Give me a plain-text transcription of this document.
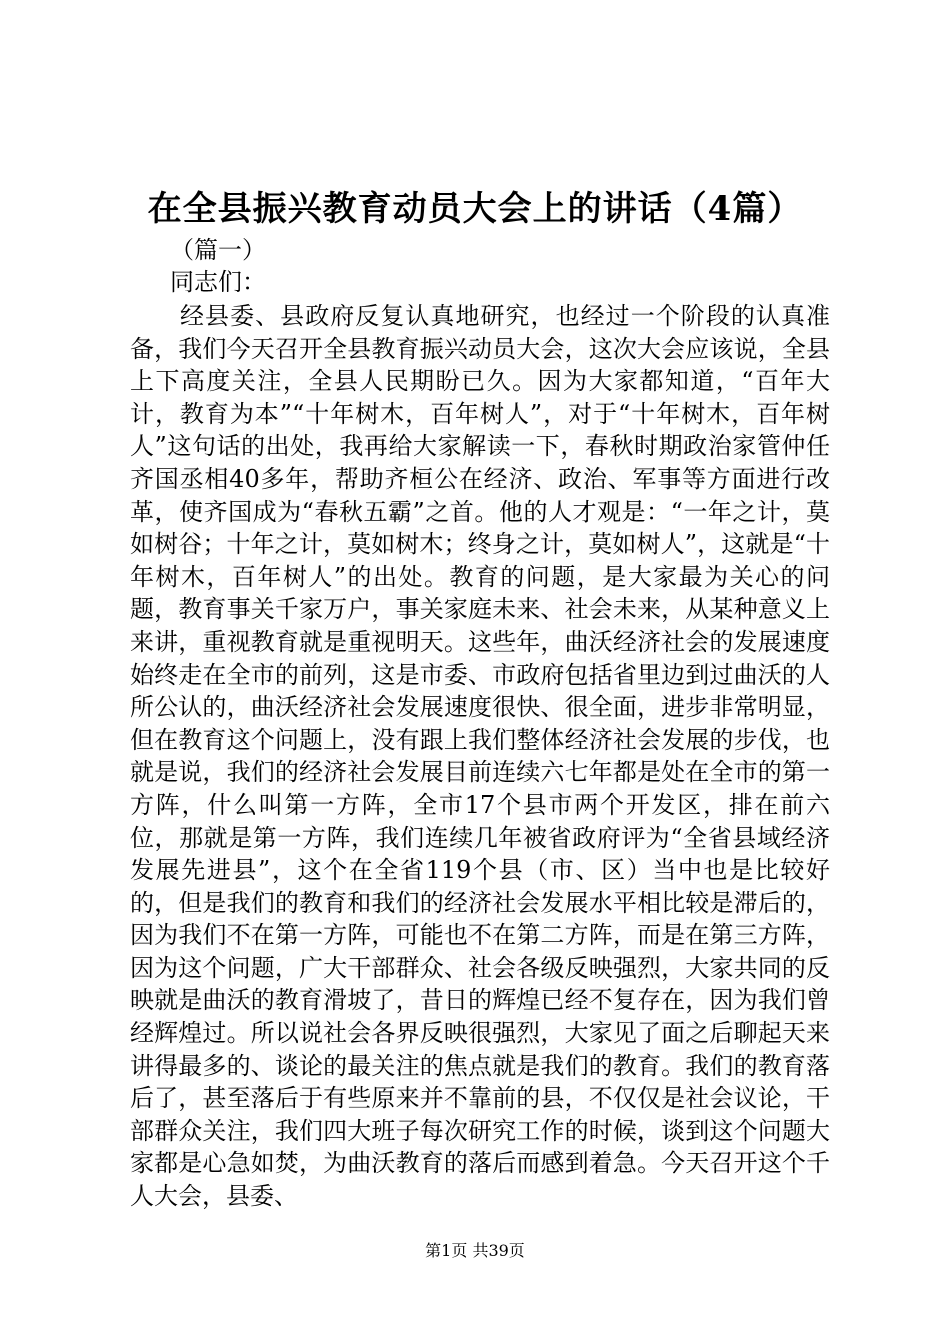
在全县振兴教育动员大会上的讲话（4篇）
（篇一）
同志们：

经县委、县政府反复认真地研究，也经过一个阶段的认真准备，我们今天召开全县教育振兴动员大会，这次大会应该说，全县上下高度关注，全县人民期盼已久。因为大家都知道，“百年大计，教育为本”“十年树木，百年树人”，对于“十年树木，百年树人”这句话的出处，我再给大家解读一下，春秋时期政治家管仲任齐国丞相40多年，帮助齐桓公在经济、政治、军事等方面进行改革，使齐国成为“春秋五霸”之首。他的人才观是：“一年之计，莫如树谷；十年之计，莫如树木；终身之计，莫如树人”，这就是“十年树木，百年树人”的出处。教育的问题，是大家最为关心的问题，教育事关千家万户，事关家庭未来、社会未来，从某种意义上来讲，重视教育就是重视明天。这些年，曲沃经济社会的发展速度始终走在全市的前列，这是市委、市政府包括省里边到过曲沃的人所公认的，曲沃经济社会发展速度很快、很全面，进步非常明显，但在教育这个问题上，没有跟上我们整体经济社会发展的步伐，也就是说，我们的经济社会发展目前连续六七年都是处在全市的第一方阵，什么叫第一方阵，全市17个县市两个开发区，排在前六位，那就是第一方阵，我们连续几年被省政府评为“全省县域经济发展先进县”，这个在全省119个县（市、区）当中也是比较好的，但是我们的教育和我们的经济社会发展水平相比较是滞后的，因为我们不在第一方阵，可能也不在第二方阵，而是在第三方阵，因为这个问题，广大干部群众、社会各级反映强烈，大家共同的反映就是曲沃的教育滑坡了，昔日的辉煌已经不复存在，因为我们曾经辉煌过。所以说社会各界反映很强烈，大家见了面之后聊起天来讲得最多的、谈论的最关注的焦点就是我们的教育。我们的教育落后了，甚至落后于有些原来并不靠前的县，不仅仅是社会议论，干部群众关注，我们四大班子每次研究工作的时候，谈到这个问题大家都是心急如焚，为曲沃教育的落后而感到着急。今天召开这个千人大会，县委、

第1页 共39页
